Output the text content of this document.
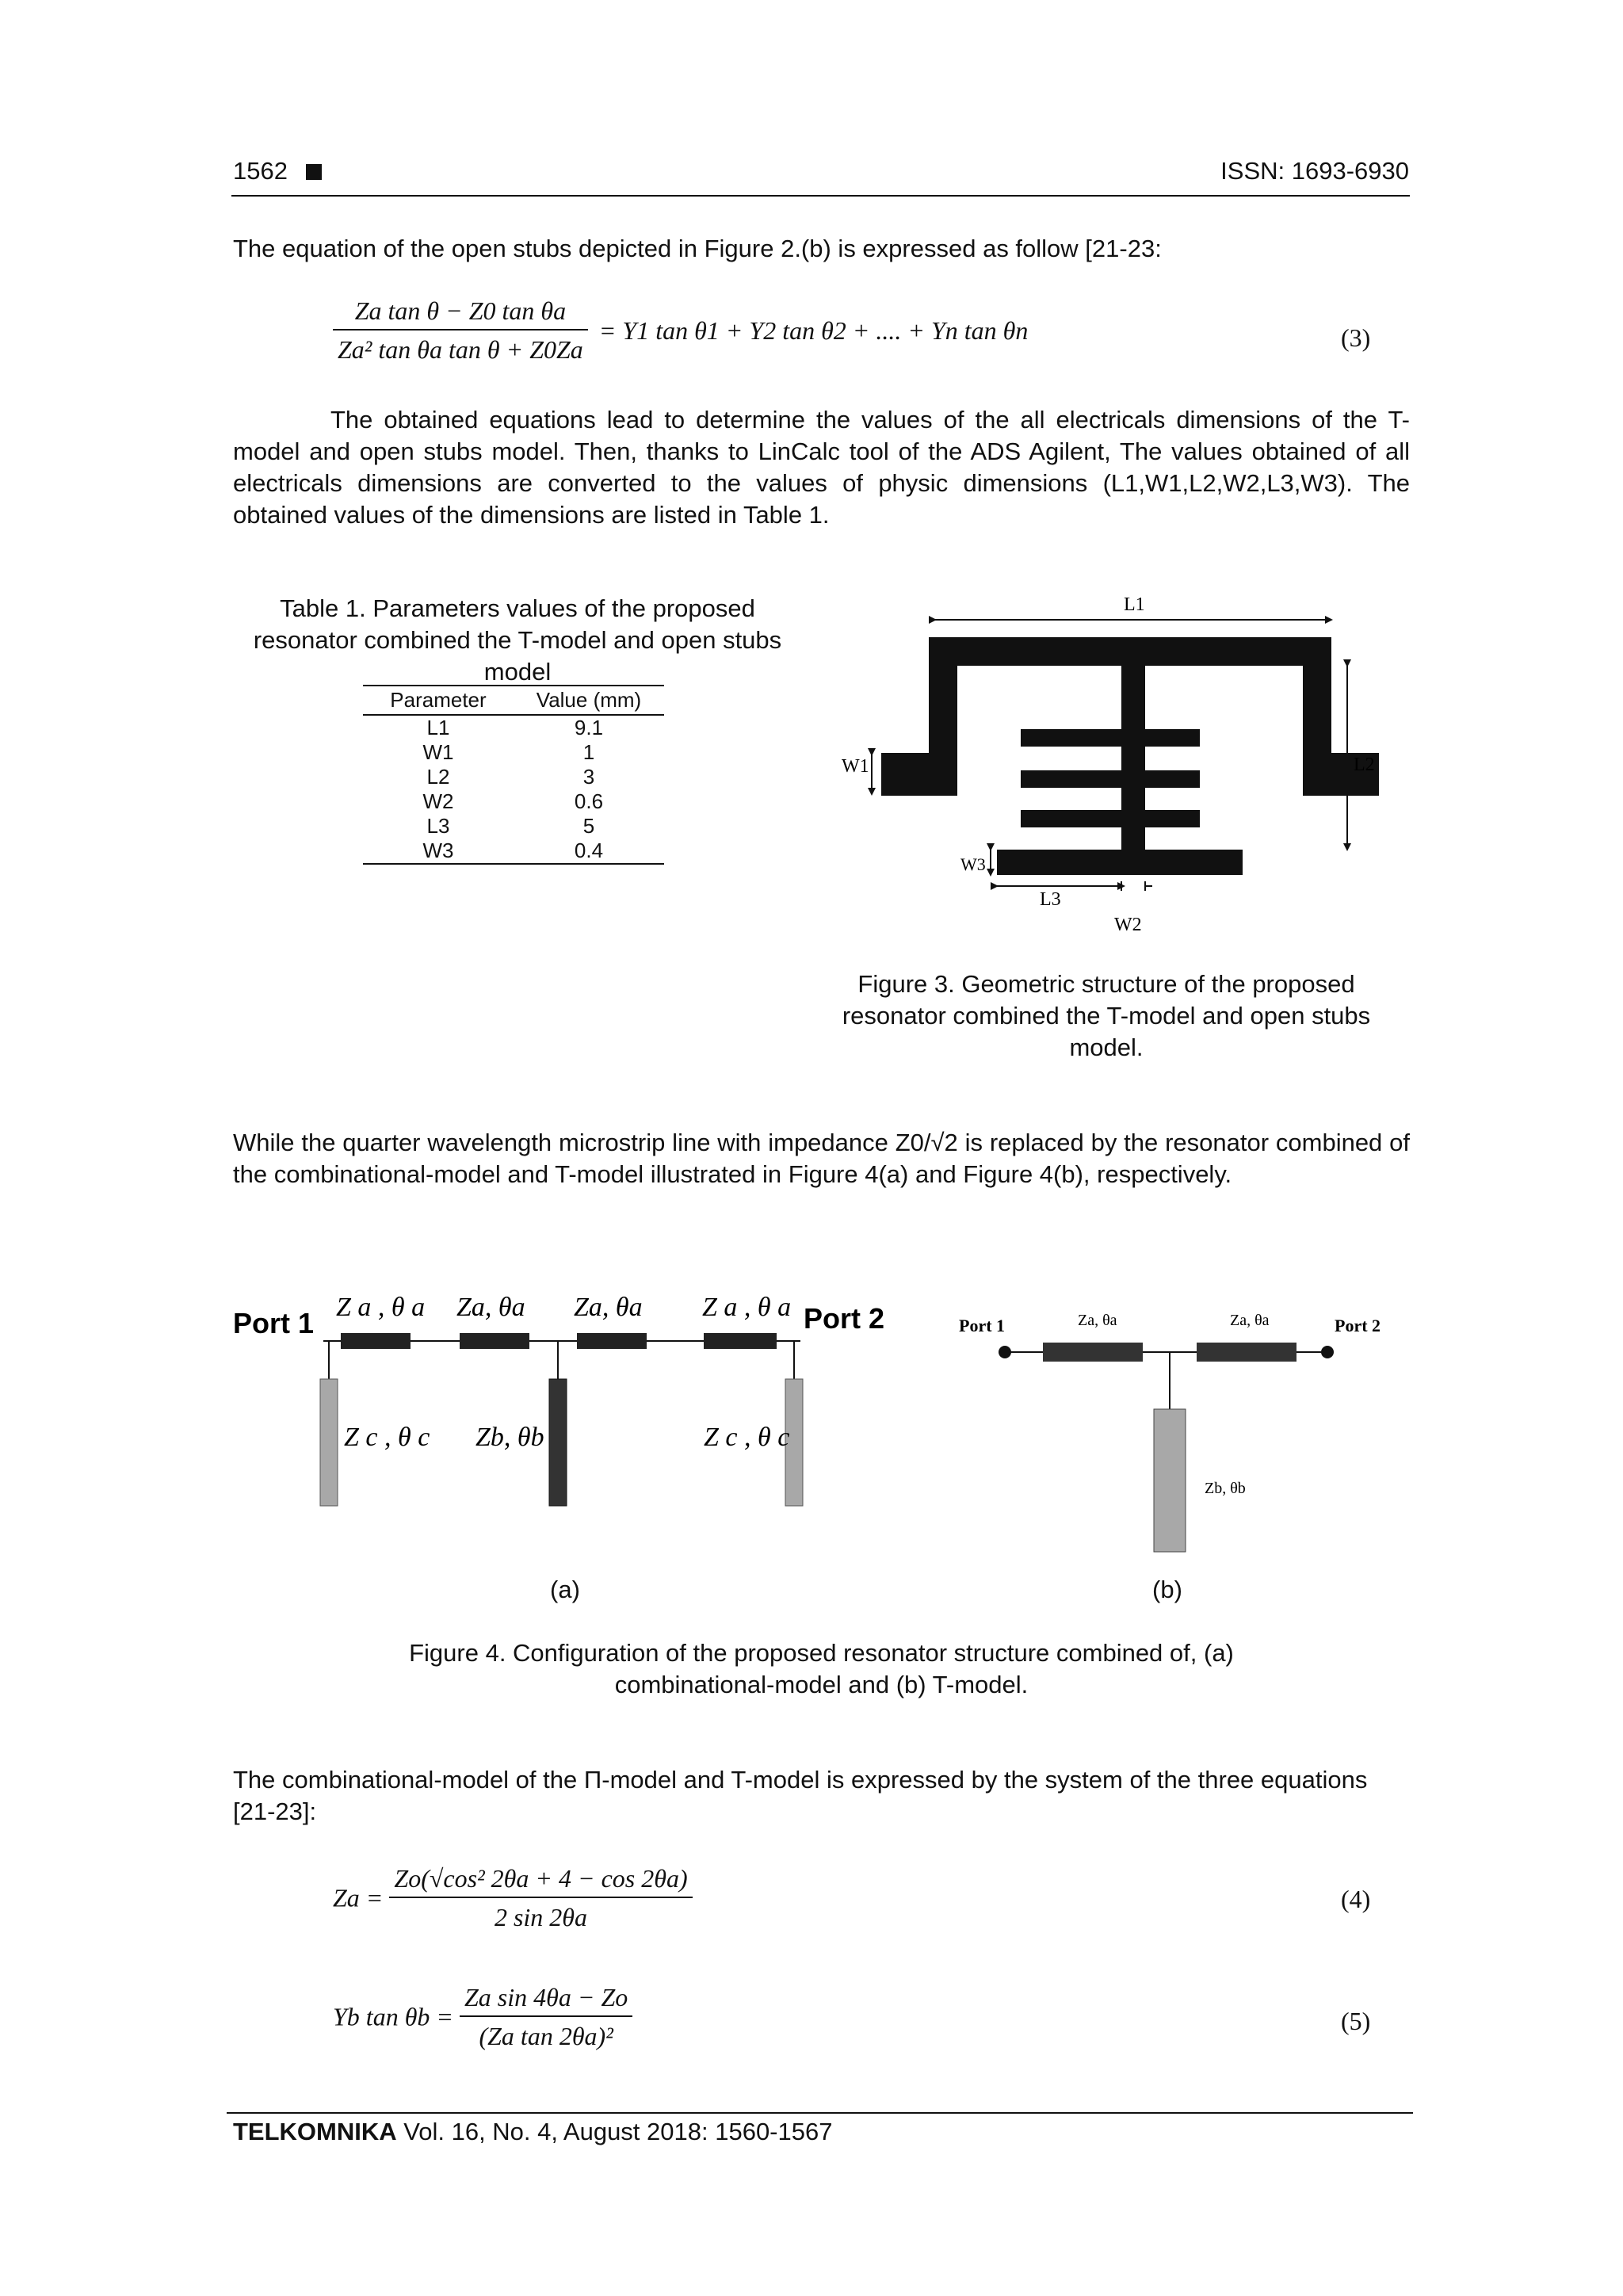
1562	ISSN: 1693-6930
The equation of the open stubs depicted in Figure 2.(b) is expressed as follow [21-23:
$\frac{\text{Za tan θ − Z0 tan θa}}{\text{Za² tan θa tan θ + Z0Za}} = Y1$ tan θ1 + Y2 tan θ2 + .... + Yn tan θn	(3)
The obtained equations lead to determine the values of the all electricals dimensions of the T-model and open stubs model. Then, thanks to LinCalc tool of the ADS Agilent, The values obtained of all electricals dimensions are converted to the values of physic dimensions (L1,W1,L2,W2,L3,W3). The obtained values of the dimensions are listed in Table 1.
Table 1. Parameters values of the proposed resonator combined the T-model and open stubs model
Parameter	Value (mm)
L1	9.1
W1	1
L2	3
W2	0.6
L3	5
W3	0.4
L1
W1	L2
W3
L3
W2
Figure 3. Geometric structure of the proposed resonator combined the T-model and open stubs model.
While the quarter wavelength microstrip line with impedance Z0/√2 is replaced by the resonator combined of the combinational-model and T-model illustrated in Figure 4(a) and Figure 4(b), respectively.
Port 1	Port 2
Z a , θ a Za, θa Za, θa Z a , θ a
Z c , θ c Zb, θb	Z c , θ c
Port 1	Port 2
Za, θa	Za, θa
Zb, θb
(a)	(b)
Figure 4. Configuration of the proposed resonator structure combined of, (a)
combinational-model and (b) T-model.
The combinational-model of the Π-model and T-model is expressed by the system of the three equations [21-23]:
$Za = \frac{\text{Zo(√cos² 2θa + 4 − cos 2θa)}}{2 \sin 2\theta a}$	(4)
Yb $\tan \theta b = \frac{\text{Za sin 4θa − Zo}}{\text{(Za tan 2θa)²}}$	(5)
TELKOMNIKA Vol. 16, No. 4, August 2018: 1560-1567
